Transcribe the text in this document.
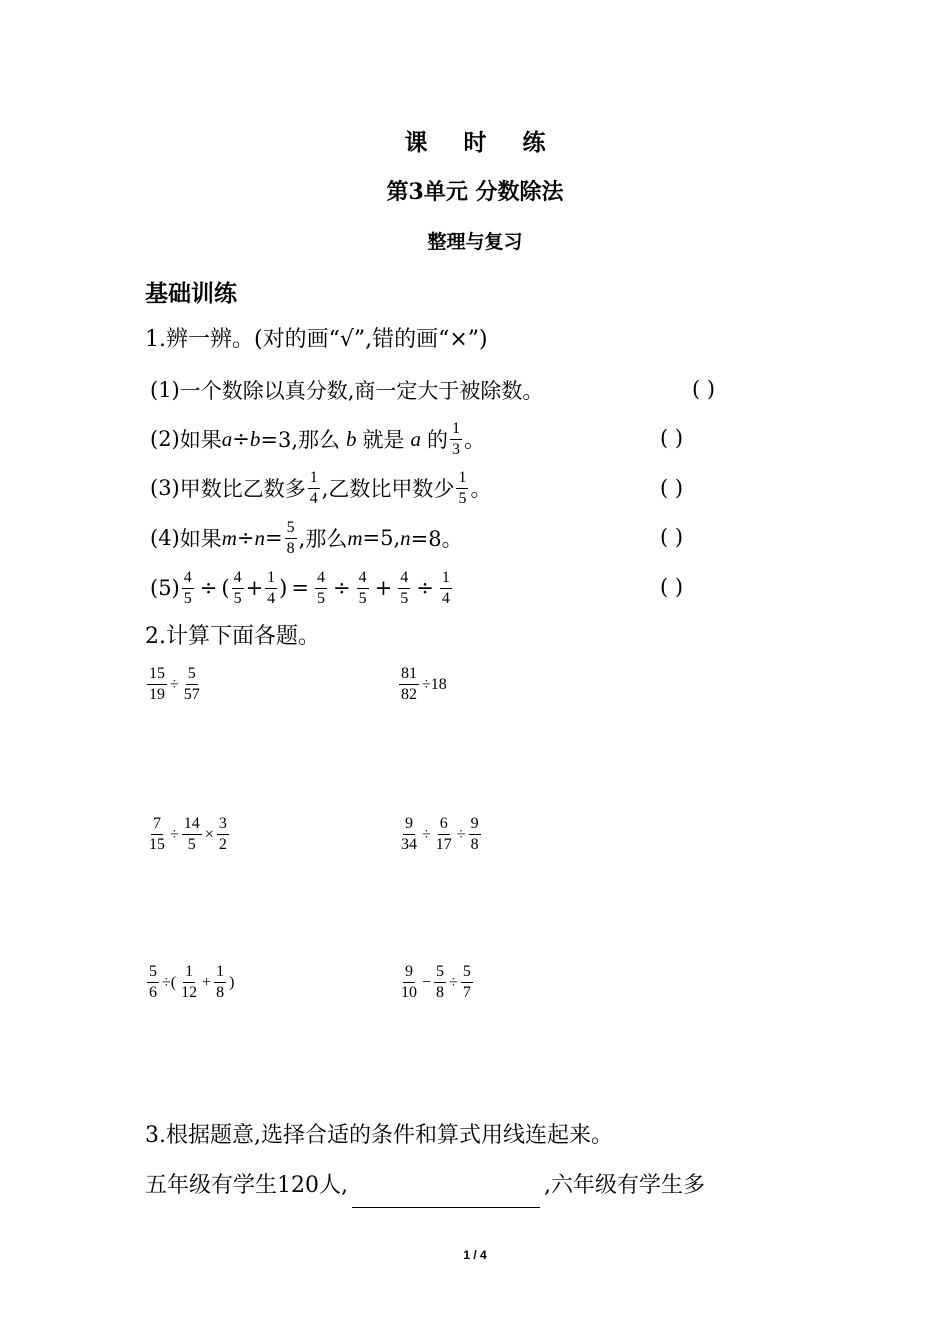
课 时 练
第3单元 分数除法
整理与复习
基础训练
1.辨一辨。(对的画“√”,错的画“×”)
(1) 一个数除以真分数,商一定大于被除数。
(2) 如果 a ÷ b =3,那么 b 就是 a 的 $\frac{1}{3}$ 。
(3) 甲数比乙数多 $\frac{1}{4}$ ,乙数比甲数少 $\frac{1}{5}$ 。
(4) 如果 $m \div n = \frac{5}{8}$ ,那么 m =5, n =8。
$(5) \frac{4}{5}$ ÷ ( $\frac{4}{5} + \frac{1}{4}$ ) = $\frac{4}{5} \div \frac{4}{5} + \frac{4}{5} \div \frac{1}{4}$
( )
( )
( )
( )
( )
2.计算下面各题。
$\frac{15}{19} \div \frac{5}{57}$	$\frac{81}{82} \div 18$
$\frac{7}{15} \div \frac{14}{5} \times \frac{3}{2}$	$\frac{9}{34} \div \frac{6}{17} \div \frac{9}{8}$
$\frac{5}{6}$ ÷( $\frac{1}{12} + \frac{1}{8}$ )	$\frac{9}{10} - \frac{5}{8} \div \frac{5}{7}$
3.根据题意,选择合适的条件和算式用线连起来。
五年级有学生120人,	,六年级有学生多
1 / 4
